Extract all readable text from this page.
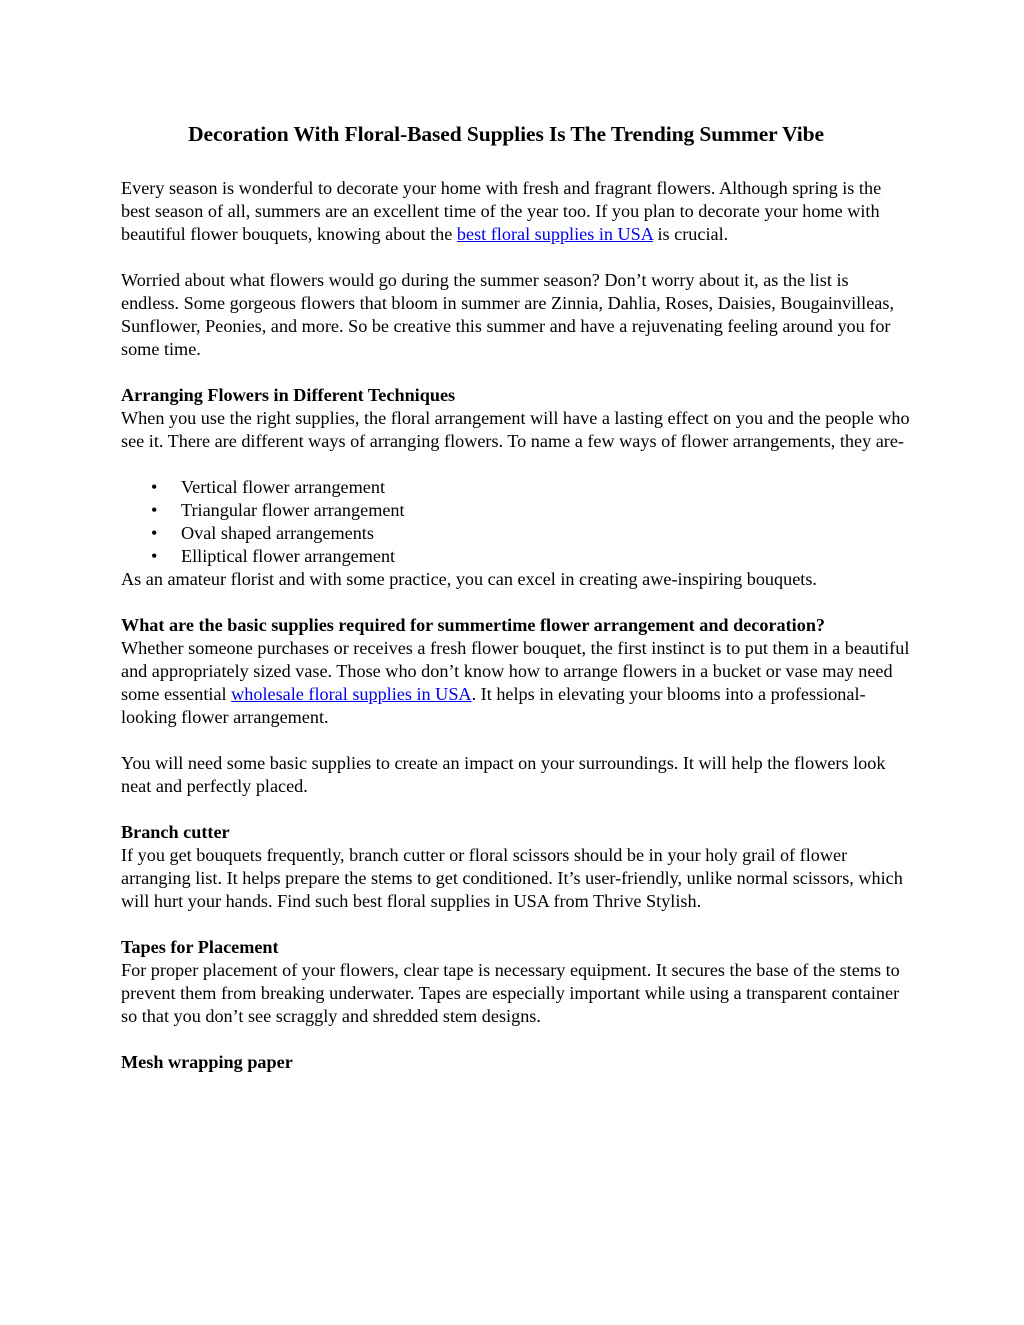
Decoration With Floral-Based Supplies Is The Trending Summer Vibe

Every season is wonderful to decorate your home with fresh and fragrant flowers. Although spring is the best season of all, summers are an excellent time of the year too. If you plan to decorate your home with beautiful flower bouquets, knowing about the best floral supplies in USA is crucial.

Worried about what flowers would go during the summer season? Don’t worry about it, as the list is endless. Some gorgeous flowers that bloom in summer are Zinnia, Dahlia, Roses, Daisies, Bougainvilleas, Sunflower, Peonies, and more. So be creative this summer and have a rejuvenating feeling around you for some time.

Arranging Flowers in Different Techniques

When you use the right supplies, the floral arrangement will have a lasting effect on you and the people who see it. There are different ways of arranging flowers. To name a few ways of flower arrangements, they are-

• Vertical flower arrangement
• Triangular flower arrangement
• Oval shaped arrangements
• Elliptical flower arrangement

As an amateur florist and with some practice, you can excel in creating awe-inspiring bouquets.

What are the basic supplies required for summertime flower arrangement and decoration?

Whether someone purchases or receives a fresh flower bouquet, the first instinct is to put them in a beautiful and appropriately sized vase. Those who don’t know how to arrange flowers in a bucket or vase may need some essential wholesale floral supplies in USA. It helps in elevating your blooms into a professional-looking flower arrangement.

You will need some basic supplies to create an impact on your surroundings. It will help the flowers look neat and perfectly placed.

Branch cutter

If you get bouquets frequently, branch cutter or floral scissors should be in your holy grail of flower arranging list. It helps prepare the stems to get conditioned. It’s user-friendly, unlike normal scissors, which will hurt your hands. Find such best floral supplies in USA from Thrive Stylish.

Tapes for Placement

For proper placement of your flowers, clear tape is necessary equipment. It secures the base of the stems to prevent them from breaking underwater. Tapes are especially important while using a transparent container so that you don’t see scraggly and shredded stem designs.

Mesh wrapping paper
